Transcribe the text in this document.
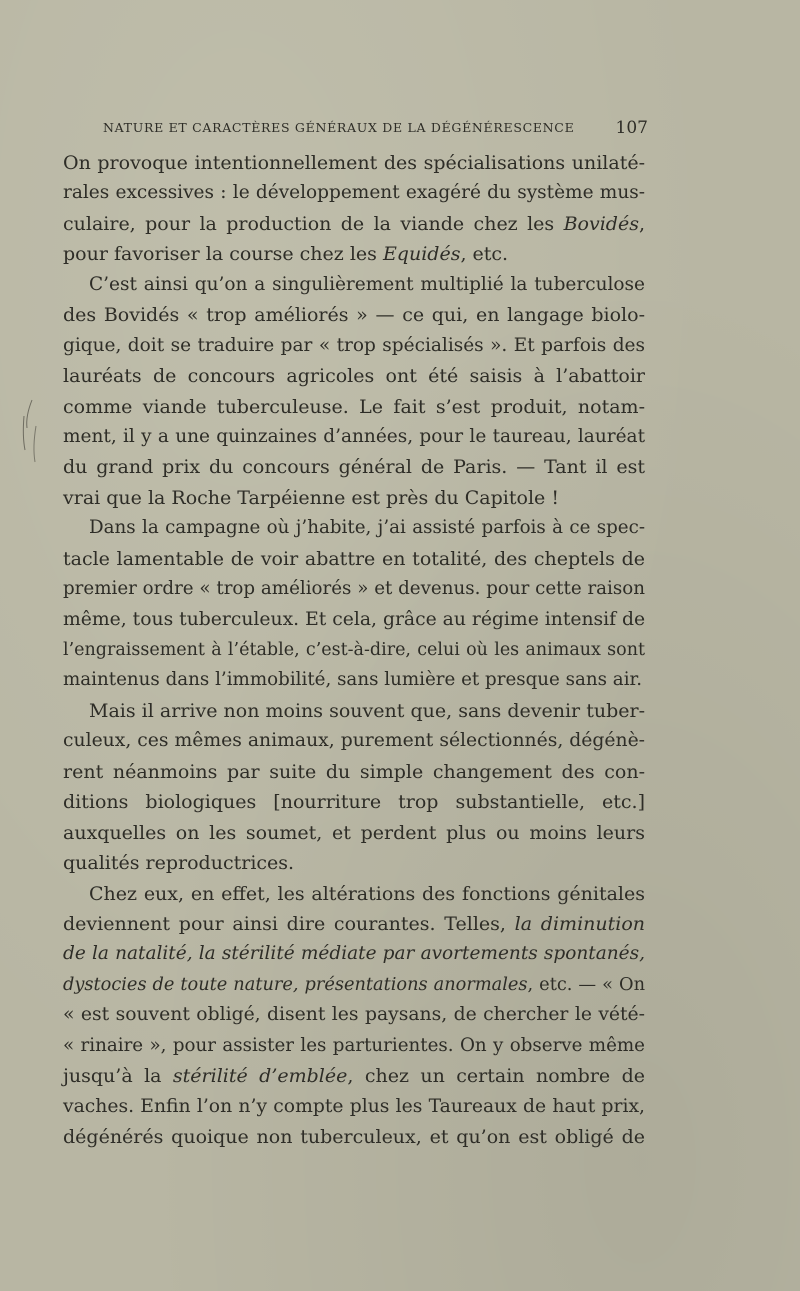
NATURE ET CARACTÈRES GÉNÉRAUX DE LA DÉGÉNÉRESCENCE 107
On provoque intentionnellement des spécialisations unilaté-
rales excessives : le développement exagéré du système mus-
culaire, pour la production de la viande chez les Bovidés,
pour favoriser la course chez les Equidés, etc.
C’est ainsi qu’on a singulièrement multiplié la tuberculose
des Bovidés « trop améliorés » — ce qui, en langage biolo-
gique, doit se traduire par « trop spécialisés ». Et parfois des
lauréats de concours agricoles ont été saisis à l’abattoir
comme viande tuberculeuse. Le fait s’est produit, notam-
ment, il y a une quinzaines d’années, pour le taureau, lauréat
du grand prix du concours général de Paris. — Tant il est
vrai que la Roche Tarpéienne est près du Capitole !
Dans la campagne où j’habite, j’ai assisté parfois à ce spec-
tacle lamentable de voir abattre en totalité, des cheptels de
premier ordre « trop améliorés » et devenus. pour cette raison
même, tous tuberculeux. Et cela, grâce au régime intensif de
l’engraissement à l’étable, c’est-à-dire, celui où les animaux sont
maintenus dans l’immobilité, sans lumière et presque sans air.
Mais il arrive non moins souvent que, sans devenir tuber-
culeux, ces mêmes animaux, purement sélectionnés, dégénè-
rent néanmoins par suite du simple changement des con-
ditions biologiques [nourriture trop substantielle, etc.]
auxquelles on les soumet, et perdent plus ou moins leurs
qualités reproductrices.
Chez eux, en effet, les altérations des fonctions génitales
deviennent pour ainsi dire courantes. Telles, la diminution
de la natalité, la stérilité médiate par avortements spontanés,
dystocies de toute nature, présentations anormales, etc. — « On
« est souvent obligé, disent les paysans, de chercher le vété-
« rinaire », pour assister les parturientes. On y observe même
jusqu’à la stérilité d’emblée, chez un certain nombre de
vaches. Enfin l’on n’y compte plus les Taureaux de haut prix,
dégénérés quoique non tuberculeux, et qu’on est obligé de
